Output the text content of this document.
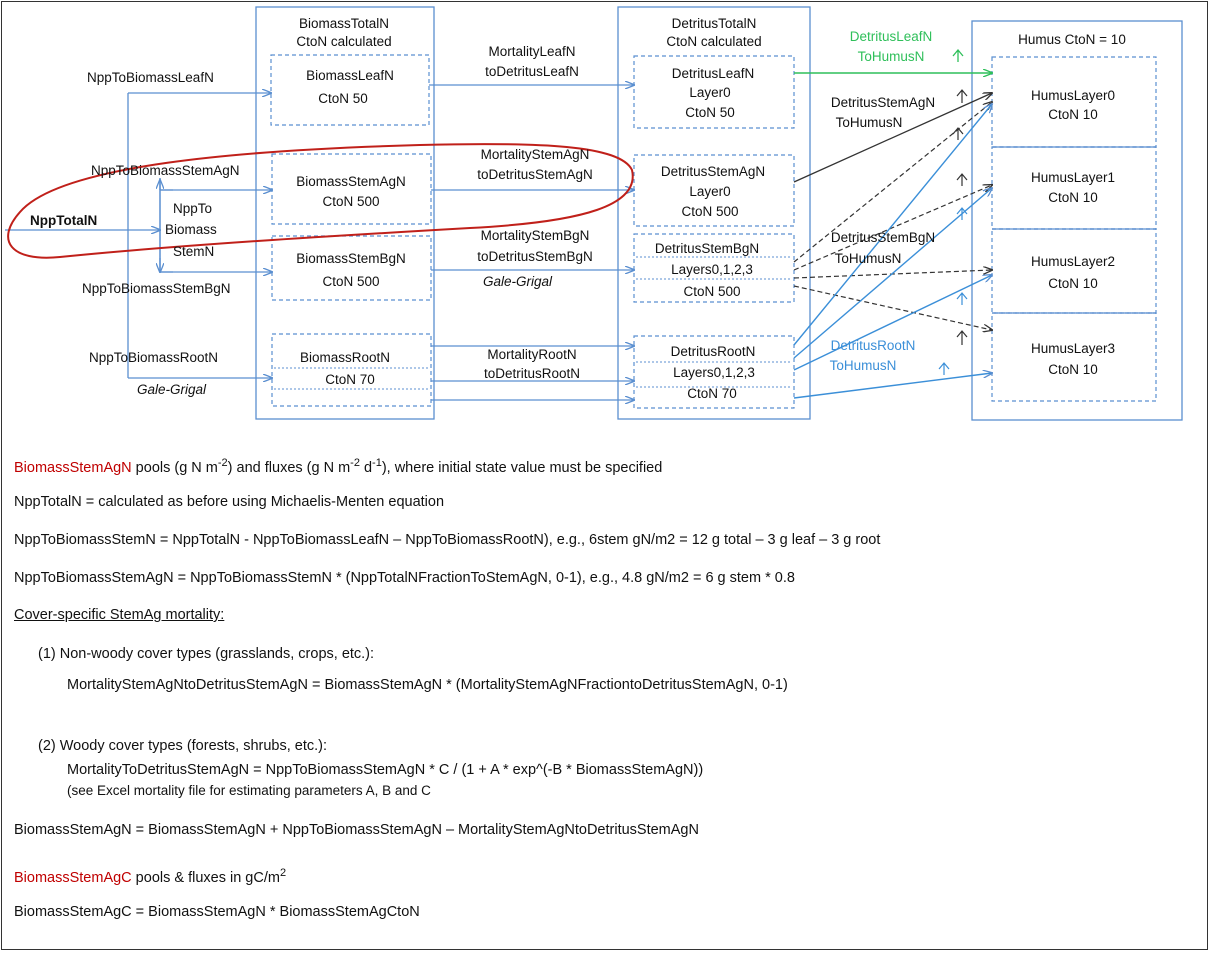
BiomassTotalN
CtoN calculated
BiomassLeafN
CtoN 50
BiomassStemAgN
CtoN 500
BiomassStemBgN
CtoN 500
BiomassRootN
CtoN 70
NppTo
Biomass
StemN
NppTotalN
NppToBiomassLeafN
NppToBiomassStemAgN
NppToBiomassStemBgN
NppToBiomassRootN
Gale-Grigal
MortalityLeafN
toDetritusLeafN
MortalityStemAgN
toDetritusStemAgN
MortalityStemBgN
toDetritusStemBgN
Gale-Grigal
MortalityRootN
toDetritusRootN
DetritusTotalN
CtoN calculated
DetritusLeafN
Layer0
CtoN 50
DetritusStemAgN
Layer0
CtoN 500
DetritusStemBgN
Layers0,1,2,3
CtoN 500
DetritusRootN
Layers0,1,2,3
CtoN 70
DetritusLeafN
ToHumusN
DetritusStemAgN
ToHumusN
DetritusStemBgN
ToHumusN
DetritusRootN
ToHumusN
Humus CtoN = 10
HumusLayer0
CtoN 10
HumusLayer1
CtoN 10
HumusLayer2
CtoN 10
HumusLayer3
CtoN 10
BiomassStemAgN pools (g N $m^{-2}$) and fluxes (g N $m^{-2}$ $d^{-1}$), where initial state value must be specified
NppTotalN = calculated as before using Michaelis-Menten equation
NppToBiomassStemN = NppTotalN - NppToBiomassLeafN – NppToBiomassRootN), e.g., 6stem gN/m2 = 12 g total – 3 g leaf – 3 g root
NppToBiomassStemAgN = NppToBiomassStemN * (NppTotalNFractionToStemAgN, 0-1), e.g., 4.8 gN/m2 = 6 g stem * 0.8
Cover-specific StemAg mortality:
(1) Non-woody cover types (grasslands, crops, etc.):
MortalityStemAgNtoDetritusStemAgN = BiomassStemAgN * (MortalityStemAgNFractiontoDetritusStemAgN, 0-1)
(2) Woody cover types (forests, shrubs, etc.):
MortalityToDetritusStemAgN = NppToBiomassStemAgN * C / (1 + A * exp^(-B * BiomassStemAgN))
(see Excel mortality file for estimating parameters A, B and C
BiomassStemAgN = BiomassStemAgN + NppToBiomassStemAgN – MortalityStemAgNtoDetritusStemAgN
BiomassStemAgC pools & fluxes in $gC/m^2$
BiomassStemAgC = BiomassStemAgN * BiomassStemAgCtoN
